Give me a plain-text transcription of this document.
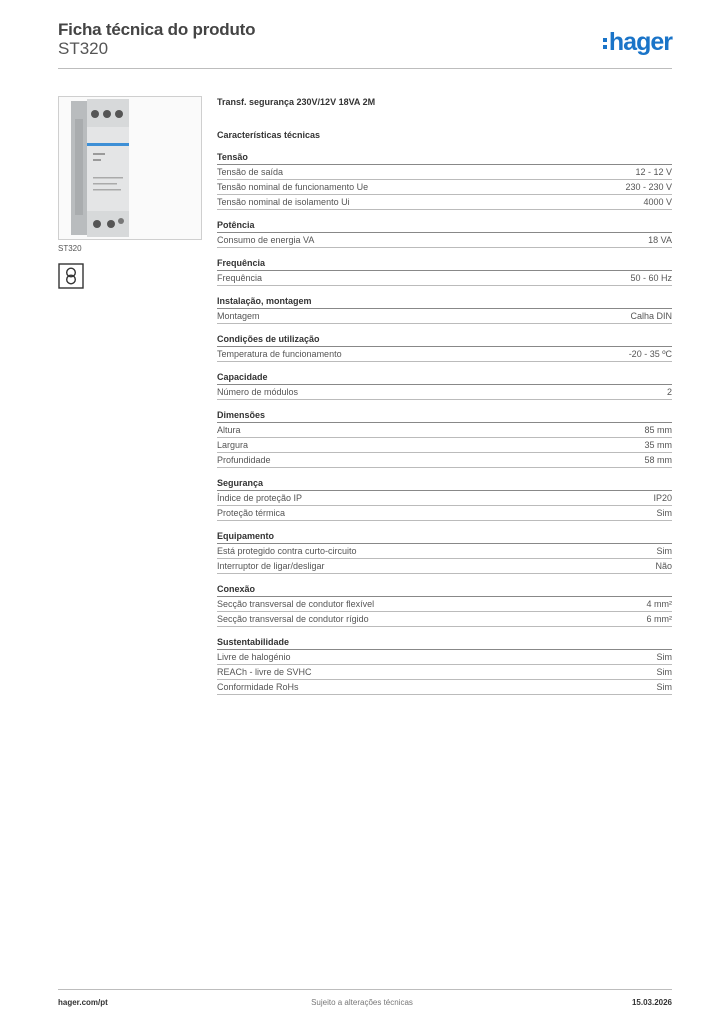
Ficha técnica do produto
ST320	hager
ST320
Transf. segurança 230V/12V 18VA 2M
Características técnicas
Tensão
Tensão de saída	12 - 12 V
Tensão nominal de funcionamento Ue	230 - 230 V
Tensão nominal de isolamento Ui	4000 V
Potência
Consumo de energia VA	18 VA
Frequência
Frequência	50 - 60 Hz
Instalação, montagem
Montagem	Calha DIN
Condições de utilização
Temperatura de funcionamento	-20 - 35 ºC
Capacidade
Número de módulos	2
Dimensões
Altura	85 mm
Largura	35 mm
Profundidade	58 mm
Segurança
Índice de proteção IP	IP20
Proteção térmica	Sim
Equipamento
Está protegido contra curto-circuito	Sim
Interruptor de ligar/desligar	Não
Conexão
Secção transversal de condutor flexível	4 mm²
Secção transversal de condutor rígido	6 mm²
Sustentabilidade
Livre de halogénio	Sim
REACh - livre de SVHC	Sim
Conformidade RoHs	Sim
hager.com/pt	Sujeito a alterações técnicas	15.03.2026
